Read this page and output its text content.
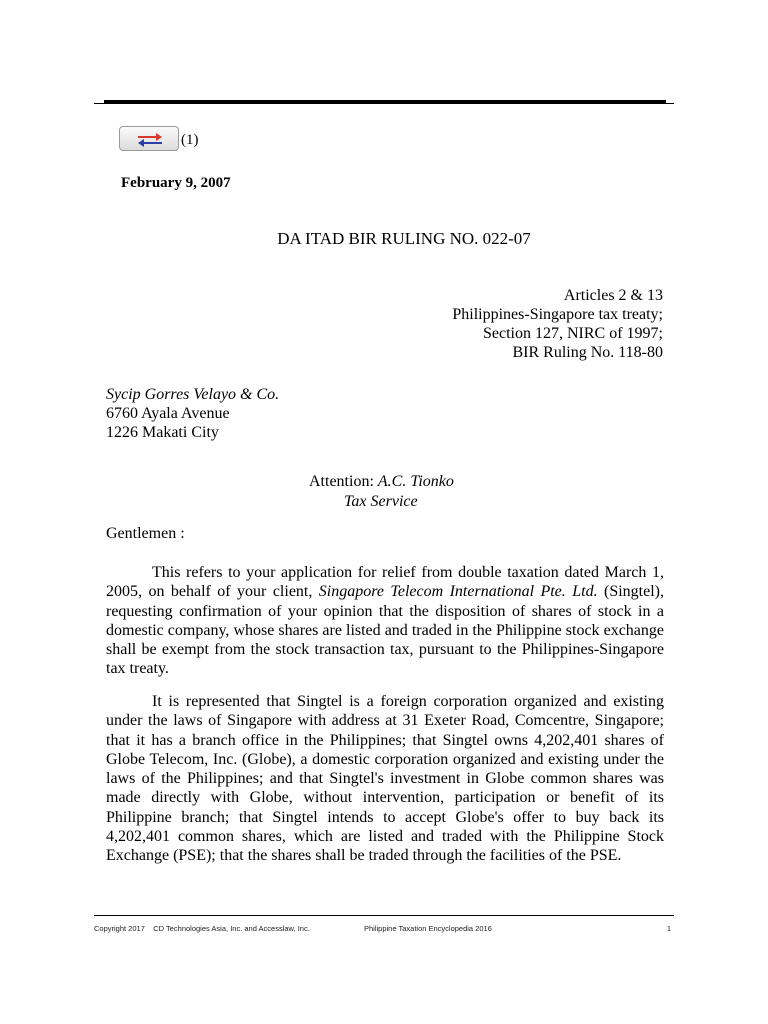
(1)
February 9, 2007
DA ITAD BIR RULING NO. 022-07
Articles 2 & 13
Philippines-Singapore tax treaty;
Section 127, NIRC of 1997;
BIR Ruling No. 118-80
Sycip Gorres Velayo & Co.
6760 Ayala Avenue
1226 Makati City
Attention: A.C. Tionko
Tax Service
Gentlemen :

This refers to your application for relief from double taxation dated March 1, 2005, on behalf of your client, Singapore Telecom International Pte. Ltd. (Singtel), requesting confirmation of your opinion that the disposition of shares of stock in a domestic company, whose shares are listed and traded in the Philippine stock exchange shall be exempt from the stock transaction tax, pursuant to the Philippines-Singapore tax treaty.

It is represented that Singtel is a foreign corporation organized and existing under the laws of Singapore with address at 31 Exeter Road, Comcentre, Singapore; that it has a branch office in the Philippines; that Singtel owns 4,202,401 shares of Globe Telecom, Inc. (Globe), a domestic corporation organized and existing under the laws of the Philippines; and that Singtel's investment in Globe common shares was made directly with Globe, without intervention, participation or benefit of its Philippine branch; that Singtel intends to accept Globe's offer to buy back its 4,202,401 common shares, which are listed and traded with the Philippine Stock Exchange (PSE); that the shares shall be traded through the facilities of the PSE.

Copyright 2017    CD Technologies Asia, Inc. and Accesslaw, Inc.	Philippine Taxation Encyclopedia 2016	1
